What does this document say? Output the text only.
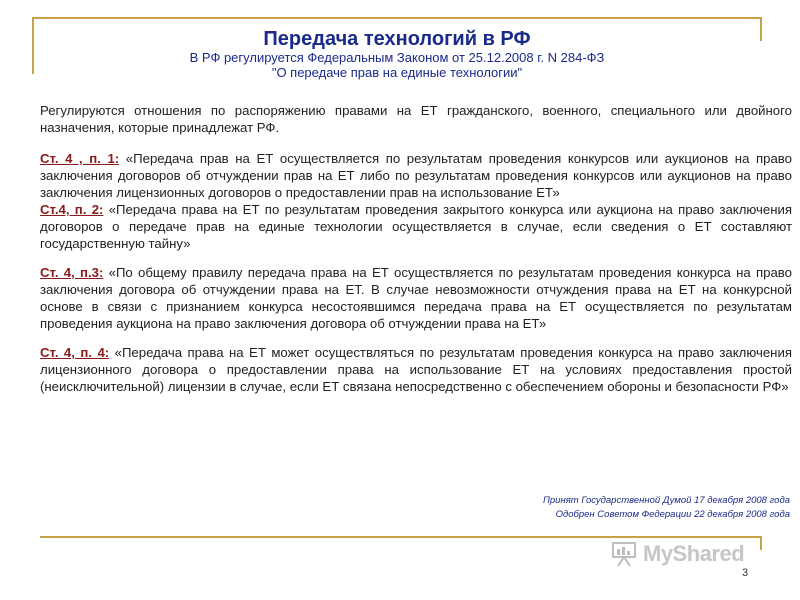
Передача технологий в РФ
В РФ регулируется Федеральным Законом от 25.12.2008 г. N 284-ФЗ
"О передаче прав на единые технологии"

Регулируются отношения по распоряжению правами на ЕТ гражданского, военного, специального или двойного назначения, которые принадлежат РФ.

Ст. 4 , п. 1: «Передача прав на ЕТ осуществляется по результатам проведения конкурсов или аукционов на право заключения договоров об отчуждении прав на ЕТ либо по результатам проведения конкурсов или аукционов на право заключения лицензионных договоров о предоставлении прав на использование ЕТ»

Ст.4, п. 2: «Передача права на ЕТ по результатам проведения закрытого конкурса или аукциона на право заключения договоров о передаче прав на единые технологии осуществляется в случае, если сведения о ЕТ составляют государственную тайну»

Ст. 4, п.3: «По общему правилу передача права на ЕТ осуществляется по результатам проведения конкурса на право заключения договора об отчуждении права на ЕТ. В случае невозможности отчуждения права на ЕТ на конкурсной основе в связи с признанием конкурса несостоявшимся передача права на ЕТ осуществляется по результатам проведения аукциона на право заключения договора об отчуждении права на ЕТ»

Ст. 4, п. 4: «Передача права на ЕТ может осуществляться по результатам проведения конкурса на право заключения лицензионного договора о предоставлении права на использование ЕТ на условиях предоставления простой (неисключительной) лицензии в случае, если ЕТ связана непосредственно с обеспечением обороны и безопасности РФ»

Принят Государственной Думой 17 декабря 2008 года
Одобрен Советом Федерации 22 декабря 2008 года
MyShared
3
